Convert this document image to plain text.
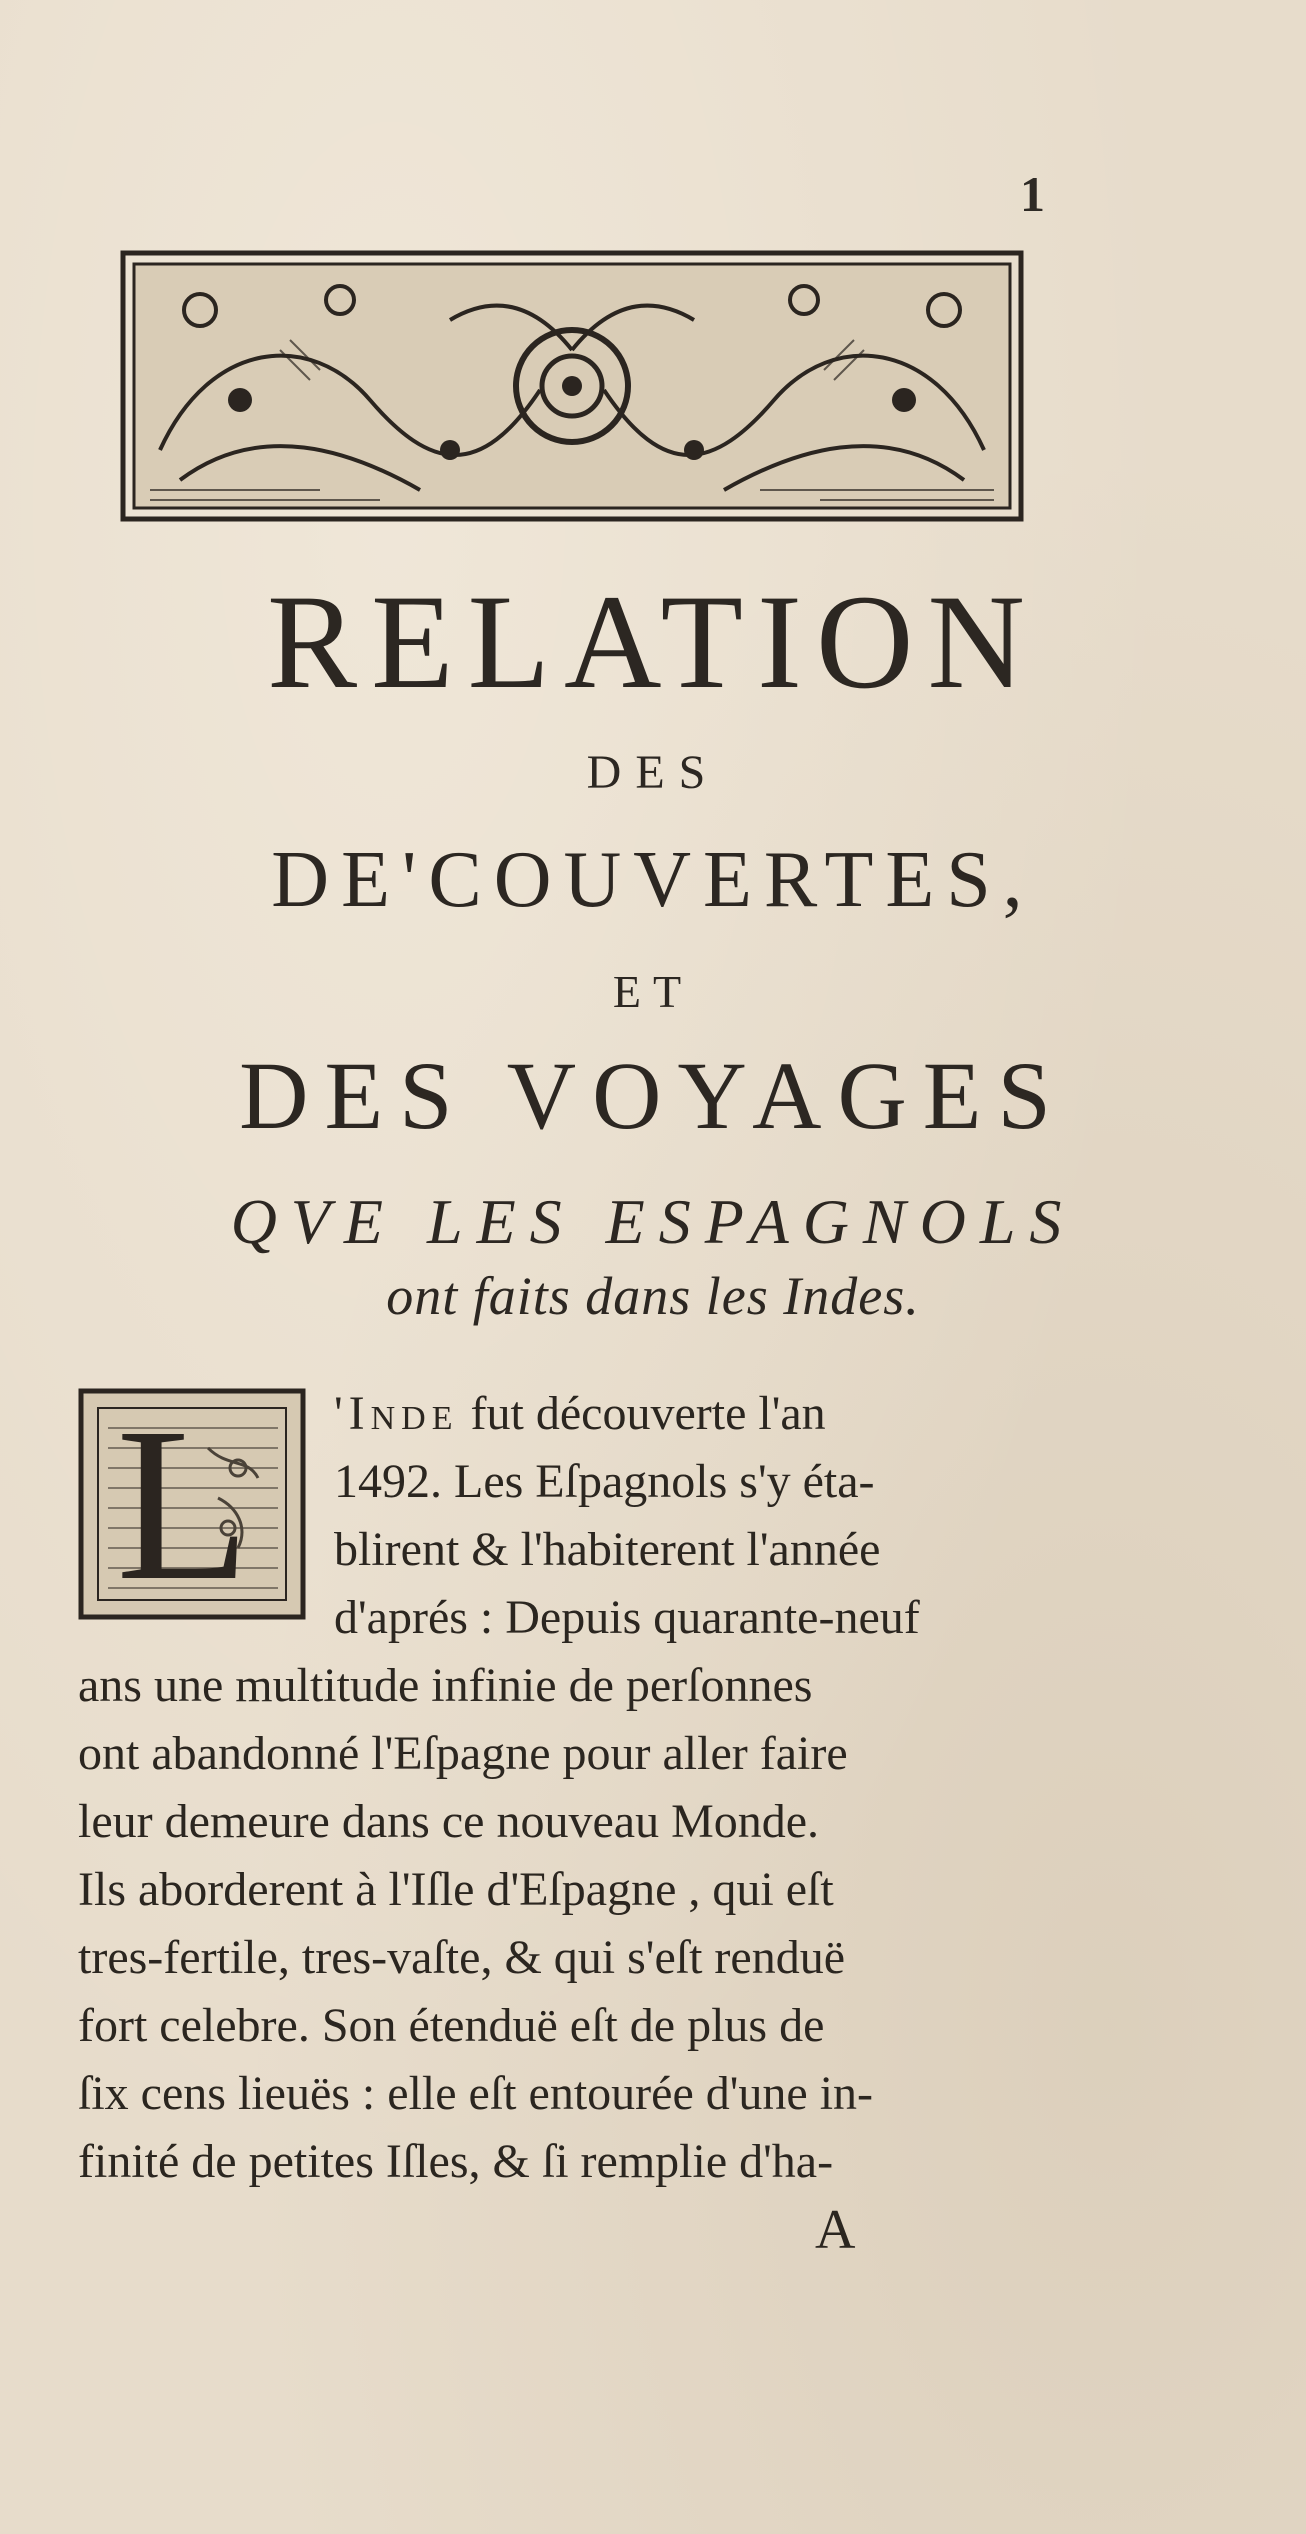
1
RELATION
DES
DE'COUVERTES,
ET
DES VOYAGES
QVE LES ESPAGNOLS
ont faits dans les Indes.
L 'Inde fut découverte l'an
1492. Les Eſpagnols s'y éta-
blirent & l'habiterent l'année
d'aprés : Depuis quarante-neuf
ans une multitude infinie de perſonnes
ont abandonné l'Eſpagne pour aller faire
leur demeure dans ce nouveau Monde.
Ils aborderent à l'Iſle d'Eſpagne , qui eſt
tres-fertile, tres-vaſte, & qui s'eſt renduë
fort celebre. Son étenduë eſt de plus de
ſix cens lieuës : elle eſt entourée d'une in-
finité de petites Iſles, & ſi remplie d'ha-
A
